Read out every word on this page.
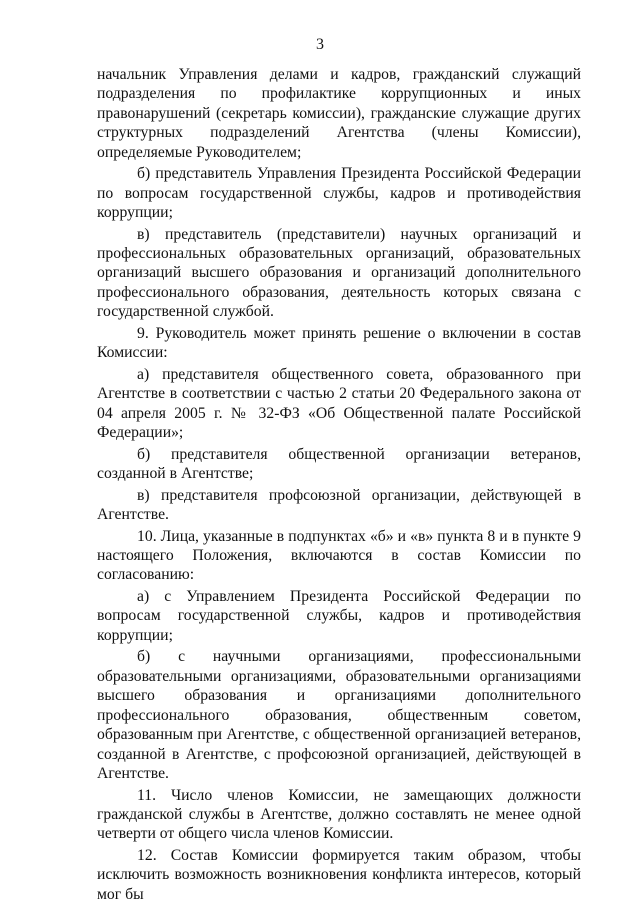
3

начальник Управления делами и кадров, гражданский служащий подразделения по профилактике коррупционных и иных правонарушений (секретарь комиссии), гражданские служащие других структурных подразделений Агентства (члены Комиссии), определяемые Руководителем;

б) представитель Управления Президента Российской Федерации по вопросам государственной службы, кадров и противодействия коррупции;

в) представитель (представители) научных организаций и профессиональных образовательных организаций, образовательных организаций высшего образования и организаций дополнительного профессионального образования, деятельность которых связана с государственной службой.

9. Руководитель может принять решение о включении в состав Комиссии:

а) представителя общественного совета, образованного при Агентстве в соответствии с частью 2 статьи 20 Федерального закона от 04 апреля 2005 г. № 32-ФЗ «Об Общественной палате Российской Федерации»;

б) представителя общественной организации ветеранов, созданной в Агентстве;

в) представителя профсоюзной организации, действующей в Агентстве.

10. Лица, указанные в подпунктах «б» и «в» пункта 8 и в пункте 9 настоящего Положения, включаются в состав Комиссии по согласованию:

а) с Управлением Президента Российской Федерации по вопросам государственной службы, кадров и противодействия коррупции;

б) с научными организациями, профессиональными образовательными организациями, образовательными организациями высшего образования и организациями дополнительного профессионального образования, общественным советом, образованным при Агентстве, с общественной организацией ветеранов, созданной в Агентстве, с профсоюзной организацией, действующей в Агентстве.

11. Число членов Комиссии, не замещающих должности гражданской службы в Агентстве, должно составлять не менее одной четверти от общего числа членов Комиссии.

12. Состав Комиссии формируется таким образом, чтобы исключить возможность возникновения конфликта интересов, который мог бы
